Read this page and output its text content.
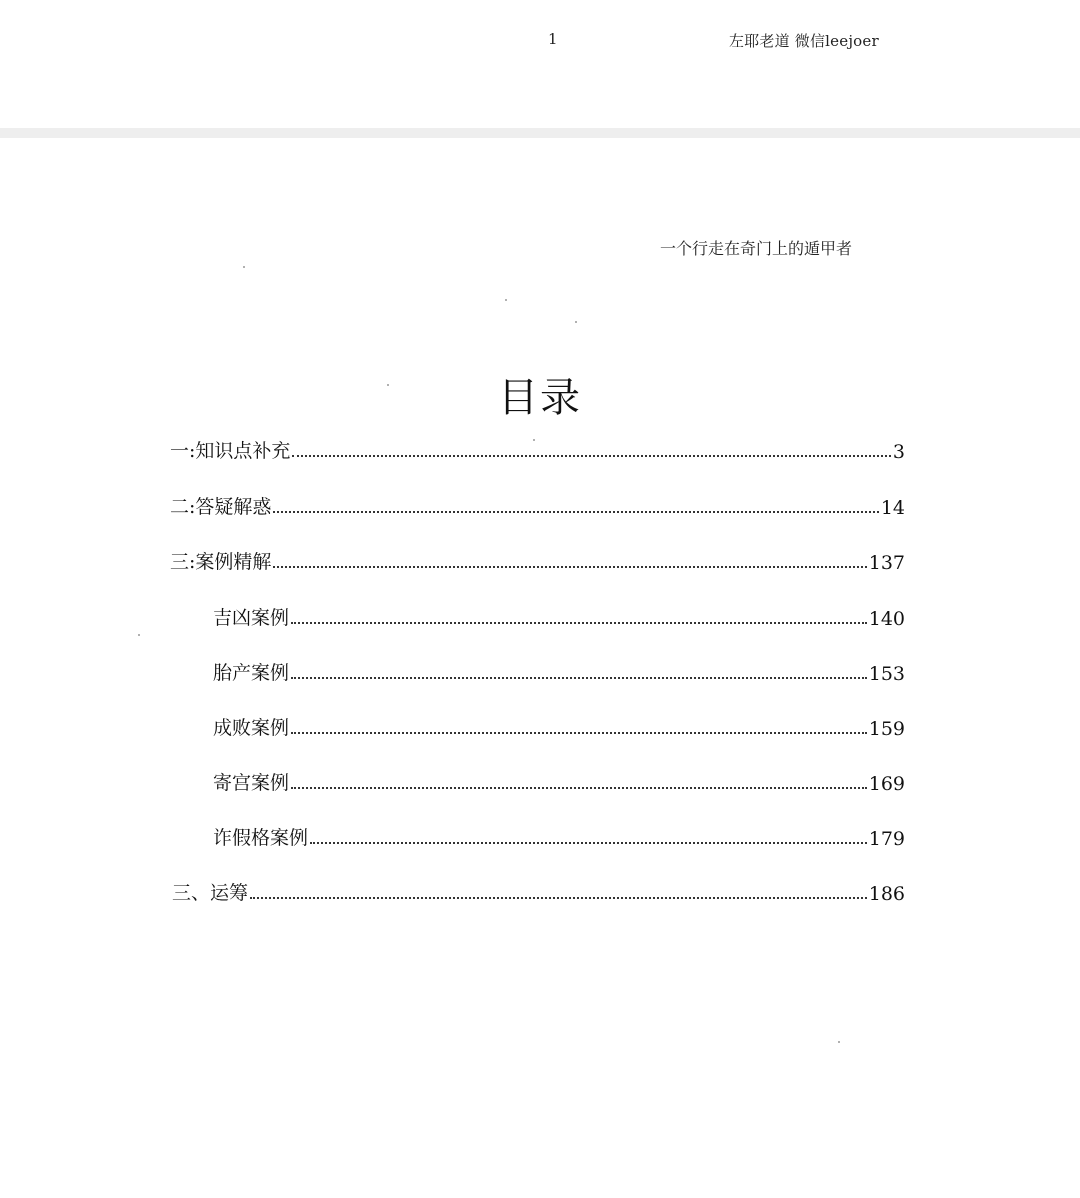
1	左耶老道 微信leejoer
一个行走在奇门上的遁甲者
目录
一: 知识点补充	3
二: 答疑解惑	14
三: 案例精解	137
吉凶案例	140
胎产案例	153
成败案例	159
寄宫案例	169
诈假格案例	179
三、 运筹	186
